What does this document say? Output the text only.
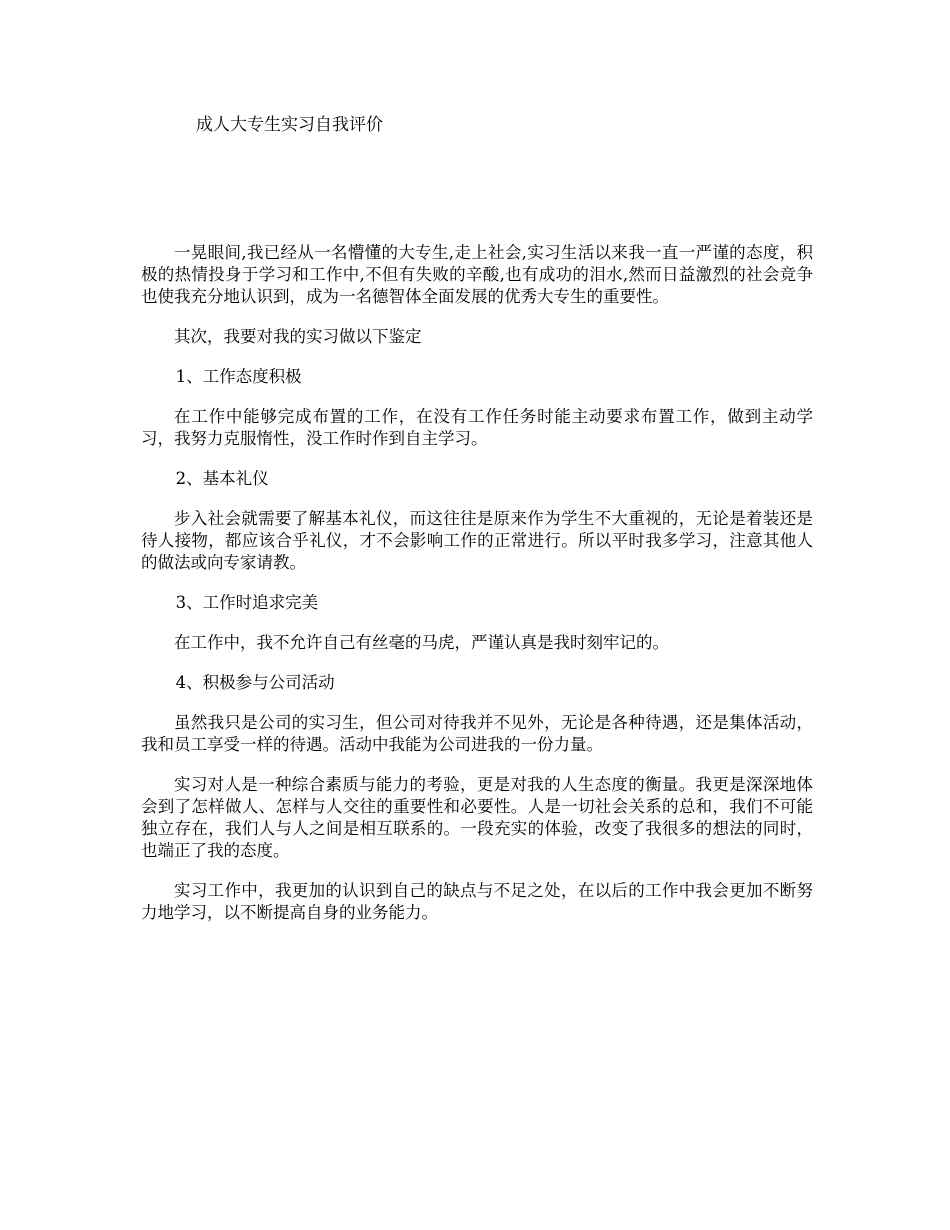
成人大专生实习自我评价

一晃眼间,我已经从一名懵懂的大专生,走上社会,实习生活以来我一直一严谨的态度，积极的热情投身于学习和工作中,不但有失败的辛酸,也有成功的泪水,然而日益激烈的社会竞争也使我充分地认识到，成为一名德智体全面发展的优秀大专生的重要性。

其次，我要对我的实习做以下鉴定

1、工作态度积极

在工作中能够完成布置的工作，在没有工作任务时能主动要求布置工作，做到主动学习，我努力克服惰性，没工作时作到自主学习。

2、基本礼仪

步入社会就需要了解基本礼仪，而这往往是原来作为学生不大重视的，无论是着装还是待人接物，都应该合乎礼仪，才不会影响工作的正常进行。所以平时我多学习，注意其他人的做法或向专家请教。

3、工作时追求完美

在工作中，我不允许自己有丝毫的马虎，严谨认真是我时刻牢记的。

4、积极参与公司活动

虽然我只是公司的实习生，但公司对待我并不见外，无论是各种待遇，还是集体活动，我和员工享受一样的待遇。活动中我能为公司进我的一份力量。

实习对人是一种综合素质与能力的考验，更是对我的人生态度的衡量。我更是深深地体会到了怎样做人、怎样与人交往的重要性和必要性。人是一切社会关系的总和，我们不可能独立存在，我们人与人之间是相互联系的。一段充实的体验，改变了我很多的想法的同时，也端正了我的态度。

实习工作中，我更加的认识到自己的缺点与不足之处，在以后的工作中我会更加不断努力地学习，以不断提高自身的业务能力。
